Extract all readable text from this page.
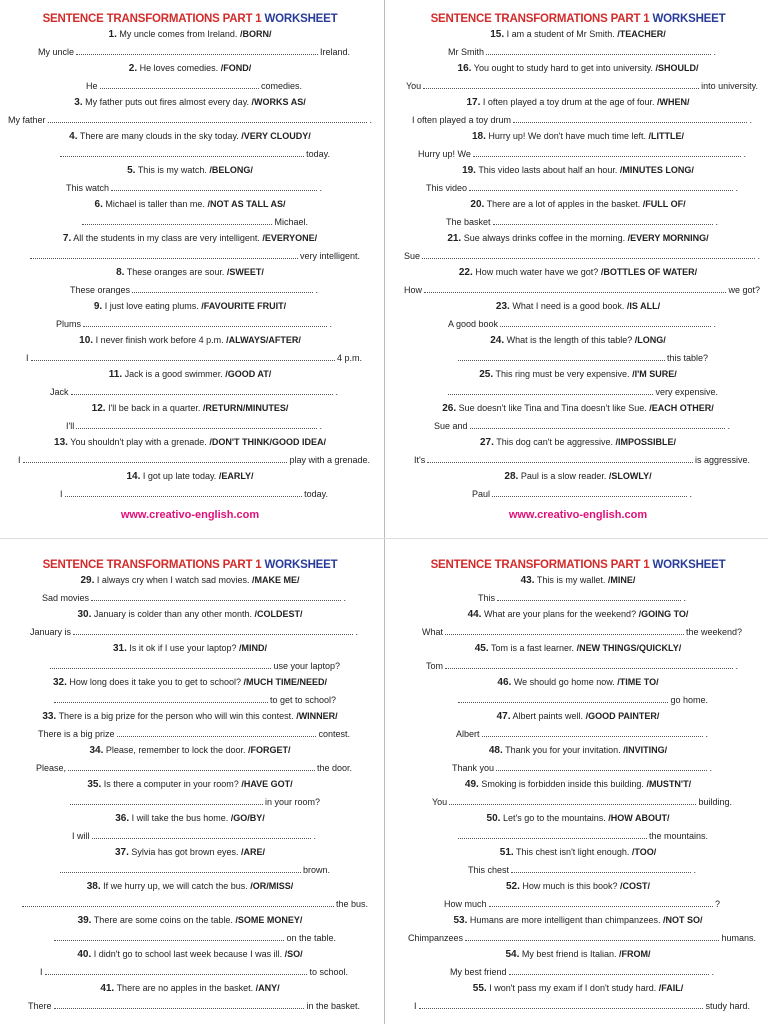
SENTENCE TRANSFORMATIONS PART 1 WORKSHEET
1. My uncle comes from Ireland. /BORN/
My uncle	Ireland.
2. He loves comedies. /FOND/
He	comedies.
3. My father puts out fires almost every day. /WORKS AS/
My father	.
4. There are many clouds in the sky today. /VERY CLOUDY/
today.
5. This is my watch. /BELONG/
This watch	.
6. Michael is taller than me. /NOT AS TALL AS/
Michael.
7. All the students in my class are very intelligent. /EVERYONE/
very intelligent.
8. These oranges are sour. /SWEET/
These oranges	.
9. I just love eating plums. /FAVOURITE FRUIT/
Plums	.
10. I never finish work before 4 p.m. /ALWAYS/AFTER/
I	4 p.m.
11. Jack is a good swimmer. /GOOD AT/
Jack	.
12. I'll be back in a quarter. /RETURN/MINUTES/
I'll	.
13. You shouldn't play with a grenade. /DON'T THINK/GOOD IDEA/
I	play with a grenade.
14. I got up late today. /EARLY/
I	today.
www.creativo-english.com
SENTENCE TRANSFORMATIONS PART 1 WORKSHEET
15. I am a student of Mr Smith. /TEACHER/
Mr Smith	.
16. You ought to study hard to get into university. /SHOULD/
You	into university.
17. I often played a toy drum at the age of four. /WHEN/
I often played a toy drum	.
18. Hurry up! We don't have much time left. /LITTLE/
Hurry up! We	.
19. This video lasts about half an hour. /MINUTES LONG/
This video	.
20. There are a lot of apples in the basket. /FULL OF/
The basket	.
21. Sue always drinks coffee in the morning. /EVERY MORNING/
Sue	.
22. How much water have we got? /BOTTLES OF WATER/
How	we got?
23. What I need is a good book. /IS ALL/
A good book	.
24. What is the length of this table? /LONG/
this table?
25. This ring must be very expensive. /I'M SURE/
very expensive.
26. Sue doesn't like Tina and Tina doesn't like Sue. /EACH OTHER/
Sue and	.
27. This dog can't be aggressive. /IMPOSSIBLE/
It's	is aggressive.
28. Paul is a slow reader. /SLOWLY/
Paul	.
www.creativo-english.com
SENTENCE TRANSFORMATIONS PART 1 WORKSHEET
29. I always cry when I watch sad movies. /MAKE ME/
Sad movies	.
30. January is colder than any other month. /COLDEST/
January is	.
31. Is it ok if I use your laptop? /MIND/
use your laptop?
32. How long does it take you to get to school? /MUCH TIME/NEED/
to get to school?
33. There is a big prize for the person who will win this contest. /WINNER/
There is a big prize	contest.
34. Please, remember to lock the door. /FORGET/
Please,	the door.
35. Is there a computer in your room? /HAVE GOT/
in your room?
36. I will take the bus home. /GO/BY/
I will	.
37. Sylvia has got brown eyes. /ARE/
brown.
38. If we hurry up, we will catch the bus. /OR/MISS/
the bus.
39. There are some coins on the table. /SOME MONEY/
on the table.
40. I didn't go to school last week because I was ill. /SO/
I	to school.
41. There are no apples in the basket. /ANY/
There	in the basket.
SENTENCE TRANSFORMATIONS PART 1 WORKSHEET
43. This is my wallet. /MINE/
This	.
44. What are your plans for the weekend? /GOING TO/
What	the weekend?
45. Tom is a fast learner. /NEW THINGS/QUICKLY/
Tom	.
46. We should go home now. /TIME TO/
go home.
47. Albert paints well. /GOOD PAINTER/
Albert	.
48. Thank you for your invitation. /INVITING/
Thank you	.
49. Smoking is forbidden inside this building. /MUSTN'T/
You	building.
50. Let's go to the mountains. /HOW ABOUT/
the mountains.
51. This chest isn't light enough. /TOO/
This chest	.
52. How much is this book? /COST/
How much	?
53. Humans are more intelligent than chimpanzees. /NOT SO/
Chimpanzees	humans.
54. My best friend is Italian. /FROM/
My best friend	.
55. I won't pass my exam if I don't study hard. /FAIL/
I	study hard.
